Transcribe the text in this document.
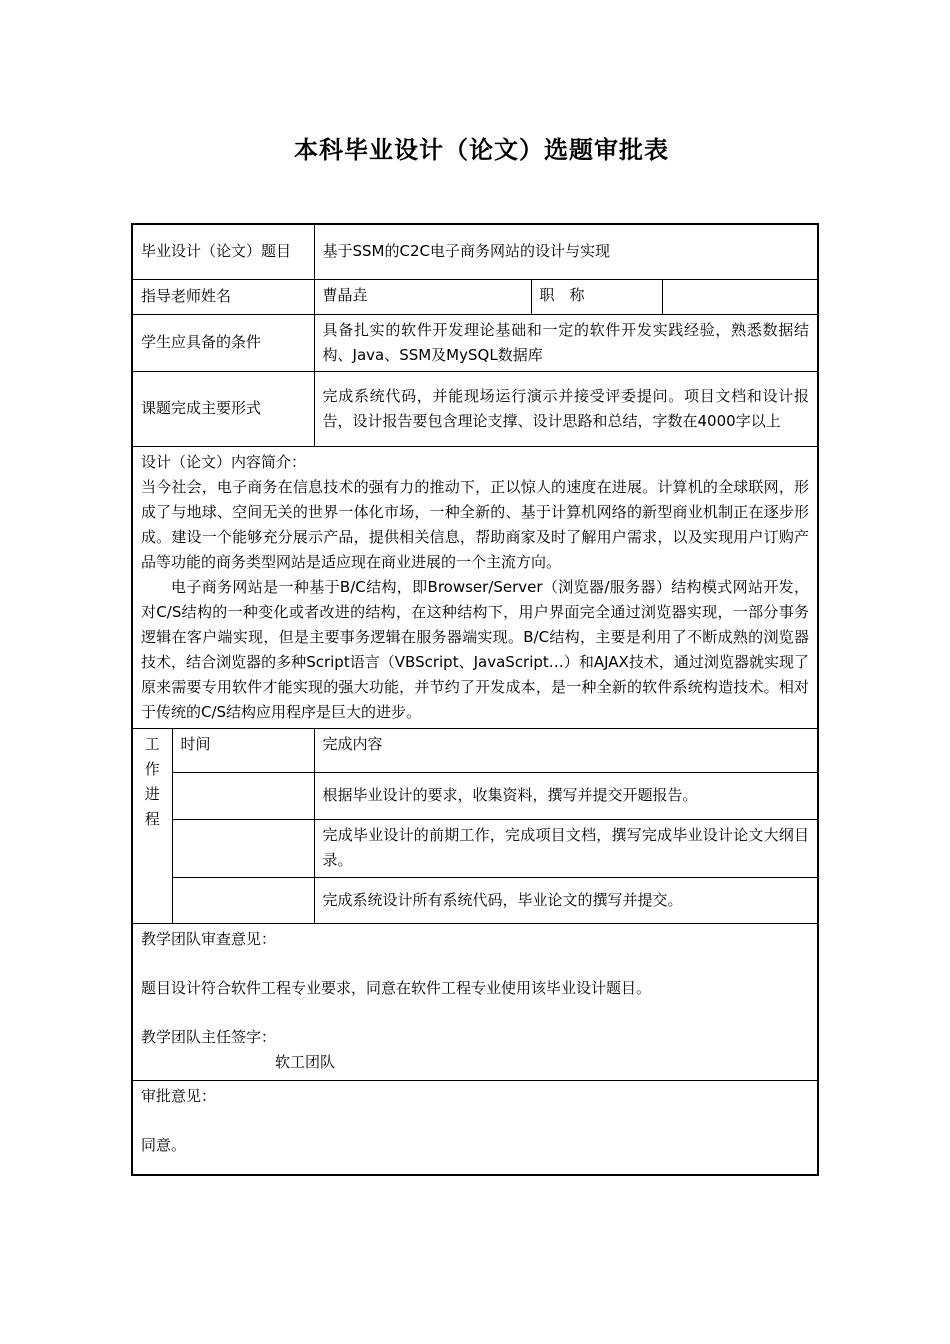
本科毕业设计（论文）选题审批表
毕业设计（论文）题目		基于SSM的C2C电子商务网站的设计与实现		
指导老师姓名		曹晶垚	职　称	
学生应具备的条件		具备扎实的软件开发理论基础和一定的软件开发实践经验，熟悉数据结构、Java、SSM及MySQL数据库		
课题完成主要形式		完成系统代码，并能现场运行演示并接受评委提问。项目文档和设计报告，设计报告要包含理论支撑、设计思路和总结，字数在4000字以上		

设计（论文）内容简介：

当今社会，电子商务在信息技术的强有力的推动下，正以惊人的速度在进展。计算机的全球联网，形成了与地球、空间无关的世界一体化市场，一种全新的、基于计算机网络的新型商业机制正在逐步形成。建设一个能够充分展示产品，提供相关信息，帮助商家及时了解用户需求，以及实现用户订购产品等功能的商务类型网站是适应现在商业进展的一个主流方向。

电子商务网站是一种基于B/C结构，即Browser/Server（浏览器/服务器）结构模式网站开发，对C/S结构的一种变化或者改进的结构，在这种结构下，用户界面完全通过浏览器实现，一部分事务逻辑在客户端实现，但是主要事务逻辑在服务器端实现。B/C结构，主要是利用了不断成熟的浏览器技术，结合浏览器的多种Script语言（VBScript、JavaScript…）和AJAX技术，通过浏览器就实现了原来需要专用软件才能实现的强大功能，并节约了开发成本，是一种全新的软件系统构造技术。相对于传统的C/S结构应用程序是巨大的进步。				

工
作
进
程	时间	完成内容		
		根据毕业设计的要求，收集资料，撰写并提交开题报告。		
		完成毕业设计的前期工作，完成项目文档，撰写完成毕业设计论文大纲目录。		
		完成系统设计所有系统代码，毕业论文的撰写并提交。		

教学团队审查意见：
题目设计符合软件工程专业要求，同意在软件工程专业使用该毕业设计题目。
教学团队主任签字：
软工团队				

审批意见：
同意。				
